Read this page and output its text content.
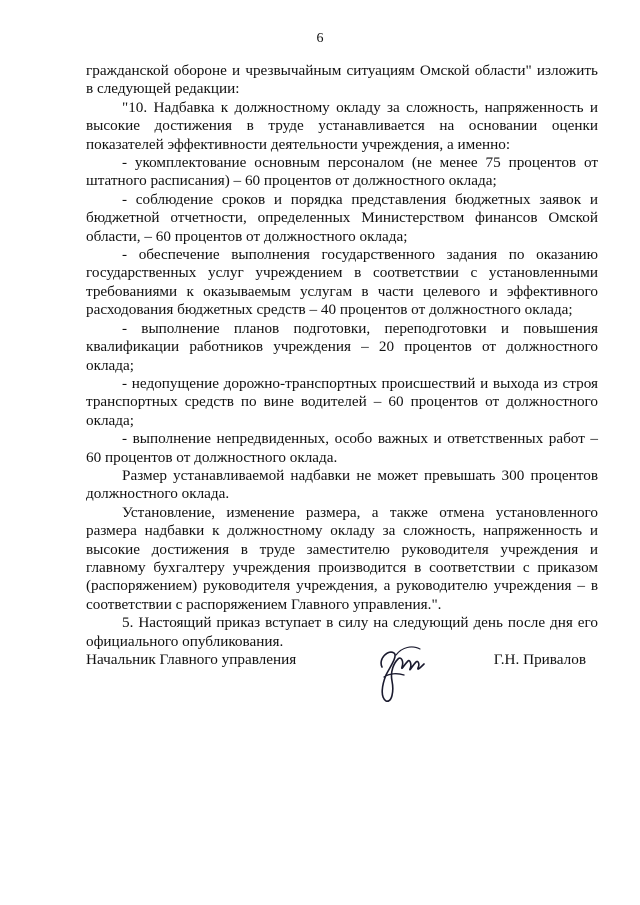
6

гражданской обороне и чрезвычайным ситуациям Омской области" изложить в следующей редакции:

"10. Надбавка к должностному окладу за сложность, напряженность и высокие достижения в труде устанавливается на основании оценки показателей эффективности деятельности учреждения, а именно:

- укомплектование основным персоналом (не менее 75 процентов от штатного расписания) – 60 процентов от должностного оклада;

- соблюдение сроков и порядка представления бюджетных заявок и бюджетной отчетности, определенных Министерством финансов Омской области, – 60 процентов от должностного оклада;

- обеспечение выполнения государственного задания по оказанию государственных услуг учреждением в соответствии с установленными требованиями к оказываемым услугам в части целевого и эффективного расходования бюджетных средств – 40 процентов от должностного оклада;

- выполнение планов подготовки, переподготовки и повышения квалификации работников учреждения – 20 процентов от должностного оклада;

- недопущение дорожно-транспортных происшествий и выхода из строя транспортных средств по вине водителей – 60 процентов от должностного оклада;

- выполнение непредвиденных, особо важных и ответственных работ – 60 процентов от должностного оклада.

Размер устанавливаемой надбавки не может превышать 300 процентов должностного оклада.

Установление, изменение размера, а также отмена установленного размера надбавки к должностному окладу за сложность, напряженность и высокие достижения в труде заместителю руководителя учреждения и главному бухгалтеру учреждения производится в соответствии с приказом (распоряжением) руководителя учреждения, а руководителю учреждения – в соответствии с распоряжением Главного управления.".

5. Настоящий приказ вступает в силу на следующий день после дня его официального опубликования.

Начальник Главного управления	Г.Н. Привалов
